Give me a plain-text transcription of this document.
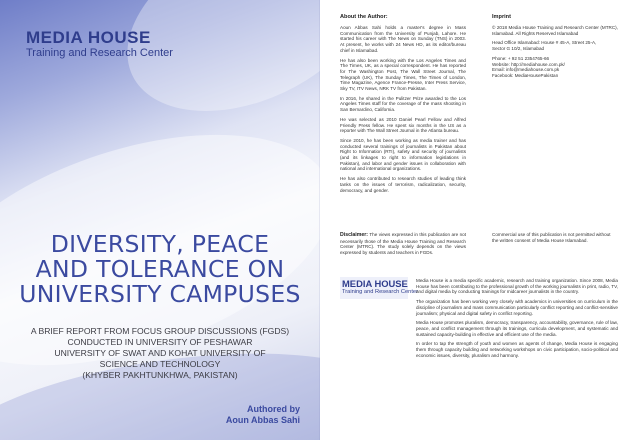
MEDIA HOUSE
Training and Research Center
DIVERSITY, PEACE
AND TOLERANCE ON
UNIVERSITY CAMPUSES
A BRIEF REPORT FROM FOCUS GROUP DISCUSSIONS (FGDS)
CONDUCTED IN UNIVERSITY OF PESHAWAR
UNIVERSITY OF SWAT AND KOHAT UNIVERSITY OF
SCIENCE AND TECHNOLOGY
(KHYBER PAKHTUNKHWA, PAKISTAN)
Authored by
Aoun Abbas Sahi
About the Author:

Aoun Abbas Sahi holds a master's degree in Mass Communication from the University of Punjab, Lahore. He started his career with The News on Sunday (TNS) in 2003. At present, he works with 24 News HD, as its editor/bureau chief in Islamabad.

He has also been working with the Los Angeles Times and The Times, UK, as a special correspondent. He has reported for The Washington Post, The Wall Street Journal, The Telegraph (UK), The Sunday Times, The Times of London, Time Magazine, Agence France-Presse, Inter Press Service, Sky TV, ITV News, NRK TV from Pakistan.

In 2016, he shared in the Pulitzer Prize awarded to the Los Angeles Times staff for the coverage of the mass shooting in San Bernardino, California.

He was selected as 2010 Daniel Pearl Fellow and Alfred Friendly Press fellow. He spent six months in the US as a reporter with The Wall Street Journal in the Atlanta bureau.

Since 2010, he has been working as media trainer and has conducted several trainings of journalists in Pakistan about Right to Information (RTI), safety and security of journalists (and its linkages to right to information legislations in Pakistan), and labor and gender issues in collaboration with national and international organizations.

He has also contributed to research studies of leading think tanks on the issues of terrorism, radicalization, security, democracy, and gender.

Imprint

© 2018 Media House Training and Research Center (MTRC), Islamabad. All Rights Reserved Islamabad

Head Office Islamabad: House # 45-A, Street 25-A,
Sector G 10/2, Islamabad

Phone: + 92 51 2354765-66
Website: http://mediahouse.com.pk/
Email: info@mediahouse.com.pk
Facebook: MediaHousePakistan

Disclaimer: The views expressed in this publication are not necessarily those of the Media House Training and Research Center (MTRC). The study solely depends on the views expressed by students and teachers in FGDs.
Commercial use of this publication is not permitted without the written consent of Media House Islamabad.
MEDIA HOUSE
Training and Research Center

Media House is a media specific academic, research and training organization. Since 2008, Media House has been contributing to the professional growth of the working journalists in print, radio, TV, and digital media by conducting trainings for midcareer journalists in the country.

The organization has been working very closely with academics in universities on curriculum in the discipline of journalism and mass communication particularly conflict reporting and conflict-sensitive journalism; physical and digital safety in conflict reporting.

Media House promotes pluralism, democracy, transparency, accountability, governance, rule of law, peace, and conflict management through its trainings, curricula development, and systematic and sustained capacity-building in effective and efficient use of the media.

In order to tap the strength of youth and women as agents of change, Media House is engaging them through capacity building and networking workshops on civic participation, socio-political and economic issues, diversity, pluralism and harmony.
